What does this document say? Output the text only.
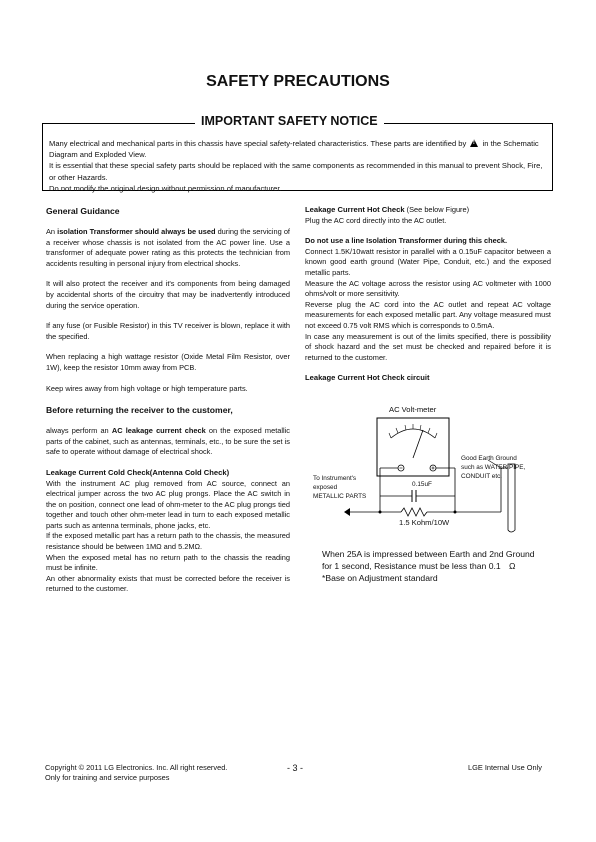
SAFETY PRECAUTIONS
IMPORTANT SAFETY NOTICE
Many electrical and mechanical parts in this chassis have special safety-related characteristics. These parts are identified by ! in the Schematic Diagram and Exploded View.
It is essential that these special safety parts should be replaced with the same components as recommended in this manual to prevent Shock, Fire, or other Hazards.
Do not modify the original design without permission of manufacturer.
General Guidance

An isolation Transformer should always be used during the servicing of a receiver whose chassis is not isolated from the AC power line. Use a transformer of adequate power rating as this protects the technician from accidents resulting in personal injury from electrical shocks.

It will also protect the receiver and it's components from being damaged by accidental shorts of the circuitry that may be inadvertently introduced during the service operation.

If any fuse (or Fusible Resistor) in this TV receiver is blown, replace it with the specified.

When replacing a high wattage resistor (Oxide Metal Film Resistor, over 1W), keep the resistor 10mm away from PCB.

Keep wires away from high voltage or high temperature parts.

Before returning the receiver to the customer,

always perform an AC leakage current check on the exposed metallic parts of the cabinet, such as antennas, terminals, etc., to be sure the set is safe to operate without damage of electrical shock.

Leakage Current Cold Check(Antenna Cold Check)

With the instrument AC plug removed from AC source, connect an electrical jumper across the two AC plug prongs. Place the AC switch in the on position, connect one lead of ohm-meter to the AC plug prongs tied together and touch other ohm-meter lead in turn to each exposed metallic parts such as antenna terminals, phone jacks, etc.

If the exposed metallic part has a return path to the chassis, the measured resistance should be between 1MΩ and 5.2MΩ.

When the exposed metal has no return path to the chassis the reading must be infinite.

An other abnormality exists that must be corrected before the receiver is returned to the customer.

Leakage Current Hot Check (See below Figure)

Plug the AC cord directly into the AC outlet.

Do not use a line Isolation Transformer during this check.

Connect 1.5K/10watt resistor in parallel with a 0.15uF capacitor between a known good earth ground (Water Pipe, Conduit, etc.) and the exposed metallic parts.

Measure the AC voltage across the resistor using AC voltmeter with 1000 ohms/volt or more sensitivity.

Reverse plug the AC cord into the AC outlet and repeat AC voltage measurements for each exposed metallic part. Any voltage measured must not exceed 0.75 volt RMS which is corresponds to 0.5mA.

In case any measurement is out of the limits specified, there is possibility of shock hazard and the set must be checked and repaired before it is returned to the customer.

Leakage Current Hot Check circuit
AC Volt-meter
To Instrument's
exposed
METALLIC PARTS
Good Earth Ground
such as WATER PIPE,
CONDUIT etc.
0.15uF
1.5 Kohm/10W
When 25A is impressed between Earth and 2nd Ground
for 1 second, Resistance must be less than 0.1 Ω
*Base on Adjustment standard
Copyright © 2011 LG Electronics. Inc. All right reserved.
Only for training and service purposes
- 3 -	LGE Internal Use Only
